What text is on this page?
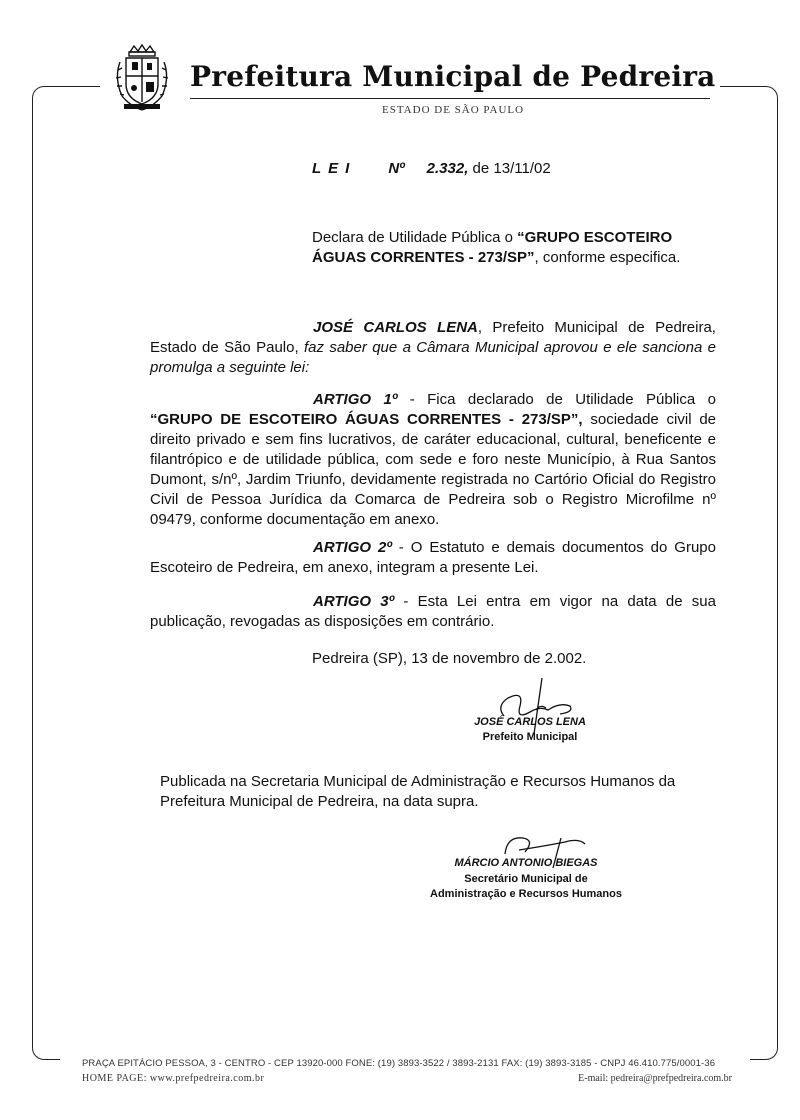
Prefeitura Municipal de Pedreira
ESTADO DE SÃO PAULO
LEI Nº 2.332, de 13/11/02
Declara de Utilidade Pública o “GRUPO ESCOTEIRO ÁGUAS CORRENTES - 273/SP”, conforme especifica.

JOSÉ CARLOS LENA, Prefeito Municipal de Pedreira, Estado de São Paulo, faz saber que a Câmara Municipal aprovou e ele sanciona e promulga a seguinte lei:

ARTIGO 1º - Fica declarado de Utilidade Pública o “GRUPO DE ESCOTEIRO ÁGUAS CORRENTES - 273/SP”, sociedade civil de direito privado e sem fins lucrativos, de caráter educacional, cultural, beneficente e filantrópico e de utilidade pública, com sede e foro neste Município, à Rua Santos Dumont, s/nº, Jardim Triunfo, devidamente registrada no Cartório Oficial do Registro Civil de Pessoa Jurídica da Comarca de Pedreira sob o Registro Microfilme nº 09479, conforme documentação em anexo.

ARTIGO 2º - O Estatuto e demais documentos do Grupo Escoteiro de Pedreira, em anexo, integram a presente Lei.

ARTIGO 3º - Esta Lei entra em vigor na data de sua publicação, revogadas as disposições em contrário.

Pedreira (SP), 13 de novembro de 2.002.
JOSÉ CARLOS LENA
Prefeito Municipal
Publicada na Secretaria Municipal de Administração e Recursos Humanos da Prefeitura Municipal de Pedreira, na data supra.
MÁRCIO ANTONIO BIEGAS
Secretário Municipal de
Administração e Recursos Humanos
PRAÇA EPITÁCIO PESSOA, 3 - CENTRO - CEP 13920-000 FONE: (19) 3893-3522 / 3893-2131 FAX: (19) 3893-3185 - CNPJ 46.410.775/0001-36
HOME PAGE: www.prefpedreira.com.br	E-mail: pedreira@prefpedreira.com.br
